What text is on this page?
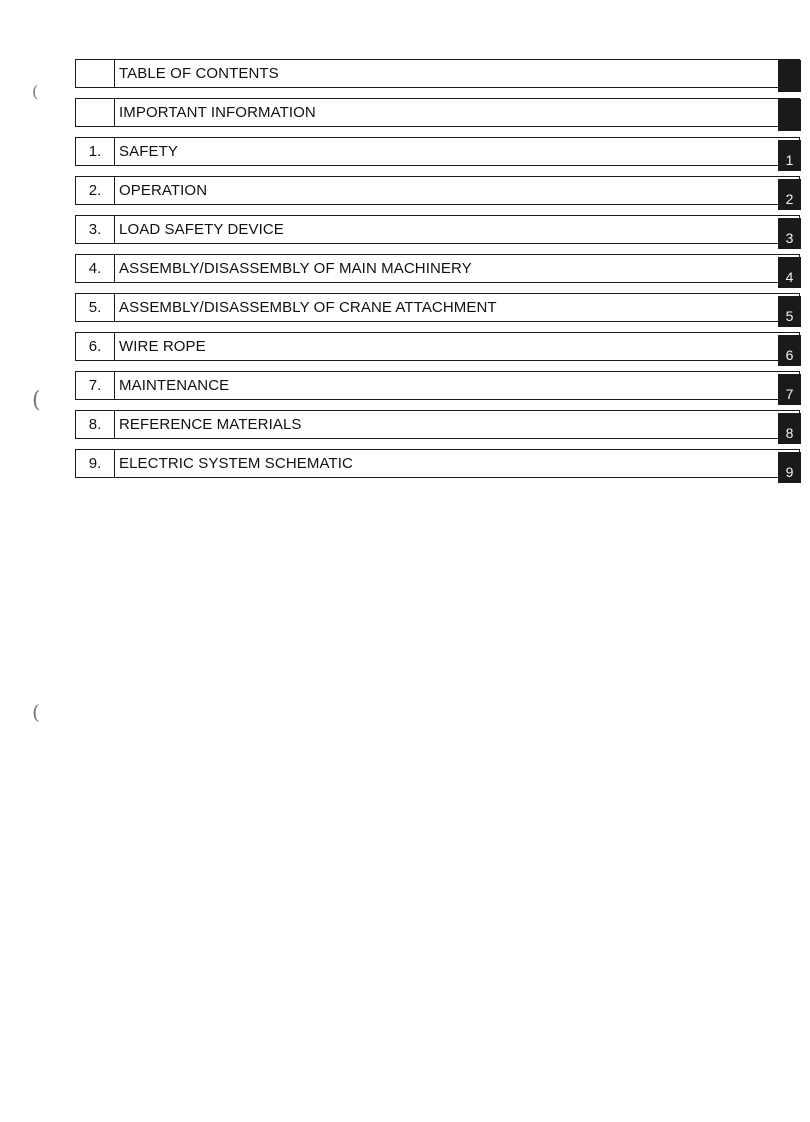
(
(
(
TABLE OF CONTENTS
IMPORTANT INFORMATION
1.	SAFETY	1
2.	OPERATION	2
3.	LOAD SAFETY DEVICE	3
4.	ASSEMBLY/DISASSEMBLY OF MAIN MACHINERY	4
5.	ASSEMBLY/DISASSEMBLY OF CRANE ATTACHMENT	5
6.	WIRE ROPE	6
7.	MAINTENANCE	7
8.	REFERENCE MATERIALS	8
9.	ELECTRIC SYSTEM SCHEMATIC	9
